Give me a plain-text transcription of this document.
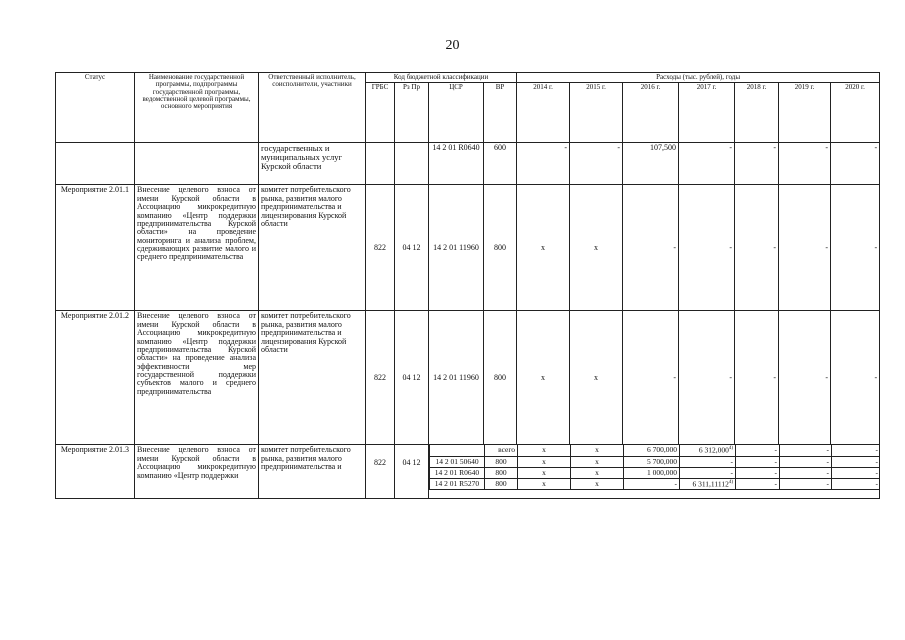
20
Статус	Наименование государственной программы, подпрограммы государственной программы, ведомственной целевой программы, основного мероприятия	Ответственный исполнитель, соисполнители, участники	Код бюджетной классификации	Расходы (тыс. рублей), годы
ГРБС	Рз Пр	ЦСР	ВР	2014 г.	2015 г.	2016 г.	2017 г.	2018 г.	2019 г.	2020 г.
		государственных и муниципальных услуг Курской области			14 2 01 R0640	600	-	-	107,500	-	-	-	-
Мероприятие 2.01.1	Внесение целевого взноса от имени Курской области в Ассоциацию микрокредитную компанию «Центр поддержки предпринимательства Курской области» на проведение мониторинга и анализа проблем, сдерживающих развитие малого и среднего предпринимательства	комитет потребительского рынка, развития малого предпринимательства и лицензирования Курской области	822	04 12	14 2 01 11960	800	x	x	-	-	-	-	-
Мероприятие 2.01.2	Внесение целевого взноса от имени Курской области в Ассоциацию микрокредитную компанию «Центр поддержки предпринимательства Курской области» на проведение анализа эффективности мер государственной поддержки субъектов малого и среднего предпринимательства	комитет потребительского рынка, развития малого предпринимательства и лицензирования Курской области	822	04 12	14 2 01 11960	800	x	x	-	-	-	-	-
Мероприятие 2.01.3	Внесение целевого взноса от имени Курской области в Ассоциацию микрокредитную компанию «Центр поддержки	комитет потребительского рынка, развития малого предпринимательства и	822	04 12	
	всего	x	x	6 700,000	6 312,000$^{4)}$	-	-	-
14 2 01 50640	800	x	x	5 700,000	-	-	-	-
14 2 01 R0640	800	x	x	1 000,000	-	-	-	-
14 2 01 R5270	800	x	x	-	6 311,11112$^{4)}$	-	-	-
